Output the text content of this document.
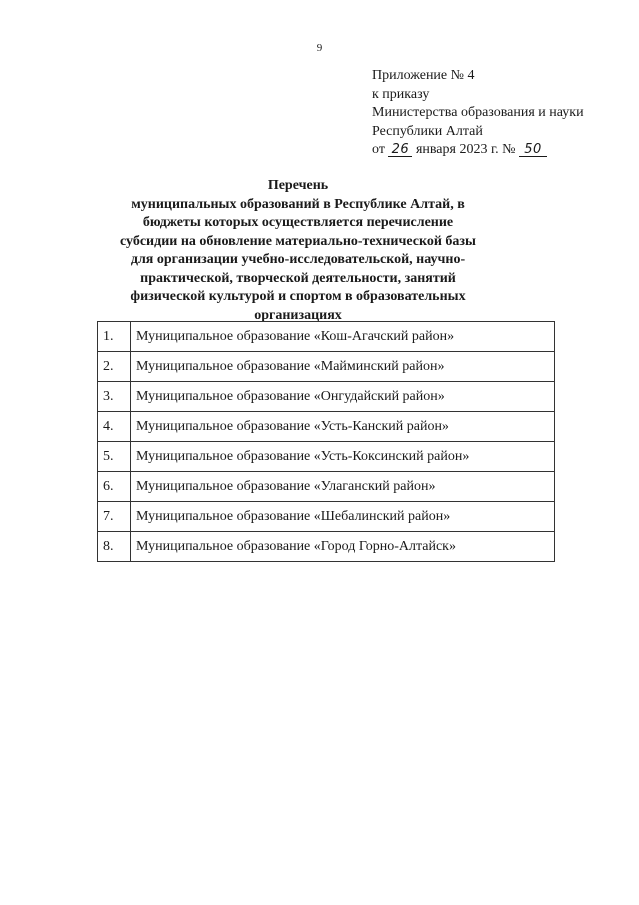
9
Приложение № 4
к приказу
Министерства образования и науки
Республики Алтай
от 26 января 2023 г. № 50
Перечень
муниципальных образований в Республике Алтай, в бюджеты которых осуществляется перечисление субсидии на обновление материально-технической базы для организации учебно-исследовательской, научно-практической, творческой деятельности, занятий физической культурой и спортом в образовательных организациях
1.	Муниципальное образование «Кош-Агачский район»
2.	Муниципальное образование «Майминский район»
3.	Муниципальное образование «Онгудайский район»
4.	Муниципальное образование «Усть-Канский район»
5.	Муниципальное образование «Усть-Коксинский район»
6.	Муниципальное образование «Улаганский район»
7.	Муниципальное образование «Шебалинский район»
8.	Муниципальное образование «Город Горно-Алтайск»
